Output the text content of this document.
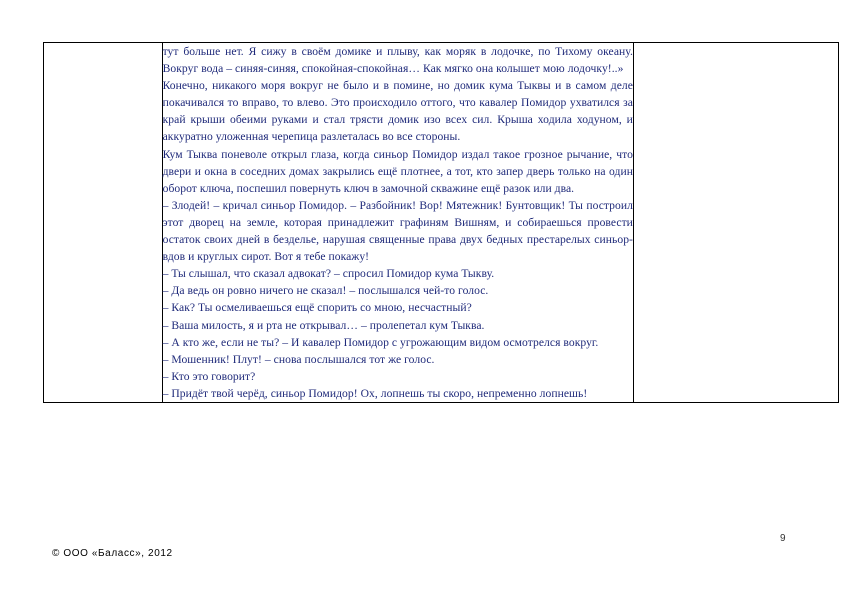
тут больше нет. Я сижу в своём домике и плыву, как моряк в лодочке, по Тихому океану. Вокруг вода – синяя-синяя, спокойная-спокойная… Как мягко она колышет мою лодочку!..»

Конечно, никакого моря вокруг не было и в помине, но домик кума Тыквы и в самом деле покачивался то вправо, то влево. Это происходило оттого, что кавалер Помидор ухватился за край крыши обеими руками и стал трясти домик изо всех сил. Крыша ходила ходуном, и аккуратно уложенная черепица разлеталась во все стороны.

Кум Тыква поневоле открыл глаза, когда синьор Помидор издал такое грозное рычание, что двери и окна в соседних домах закрылись ещё плотнее, а тот, кто запер дверь только на один оборот ключа, поспешил повернуть ключ в замочной скважине ещё разок или два.

– Злодей! – кричал синьор Помидор. – Разбойник! Вор! Мятежник! Бунтовщик! Ты построил этот дворец на земле, которая принадлежит графиням Вишням, и собираешься провести остаток своих дней в безделье, нарушая священные права двух бедных престарелых синьор-вдов и круглых сирот. Вот я тебе покажу!

– Ты слышал, что сказал адвокат? – спросил Помидор кума Тыкву.

– Да ведь он ровно ничего не сказал! – послышался чей-то голос.

– Как? Ты осмеливаешься ещё спорить со мною, несчастный?

– Ваша милость, я и рта не открывал… – пролепетал кум Тыква.

– А кто же, если не ты? – И кавалер Помидор с угрожающим видом осмотрелся вокруг.

– Мошенник! Плут! – снова послышался тот же голос.

– Кто это говорит?

– Придёт твой черёд, синьор Помидор! Ох, лопнешь ты скоро, непременно лопнешь!

9
© ООО «Баласс», 2012
